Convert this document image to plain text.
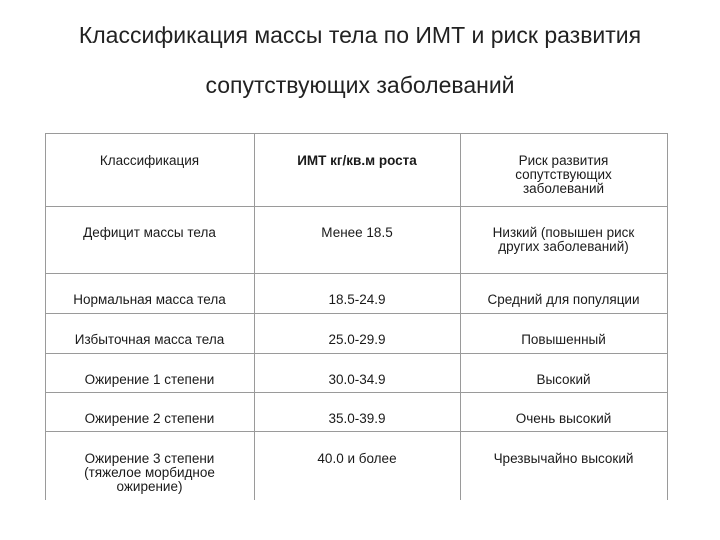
Классификация массы тела по ИМТ и риск развития
сопутствующих заболеваний
Классификация	ИМТ кг/кв.м роста	Риск развития
сопутствующих
заболеваний
Дефицит массы тела	Менее 18.5	Низкий (повышен риск
других заболеваний)
Нормальная масса тела	18.5-24.9	Средний для популяции
Избыточная масса тела	25.0-29.9	Повышенный
Ожирение 1 степени	30.0-34.9	Высокий
Ожирение 2 степени	35.0-39.9	Очень высокий
Ожирение 3 степени
(тяжелое морбидное
ожирение)
40.0 и более	Чрезвычайно высокий
